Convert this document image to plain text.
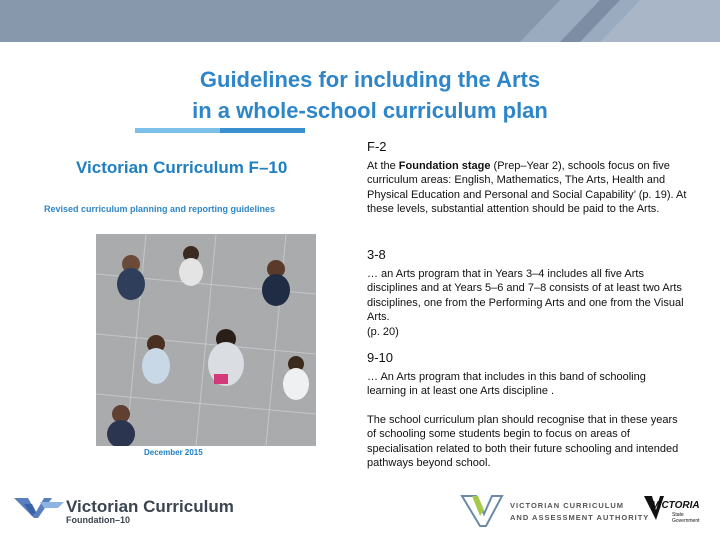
Guidelines for including the Arts
in a whole-school curriculum plan
Victorian Curriculum F–10
Revised curriculum planning and reporting guidelines
December 2015
F-2
At the Foundation stage (Prep–Year 2), schools focus on five curriculum areas: English, Mathematics, The Arts, Health and Physical Education and Personal and Social Capability’ (p. 19). At these levels, substantial attention should be paid to the Arts.
3-8
… an Arts program that in Years 3–4 includes all five Arts disciplines and at Years 5–6 and 7–8 consists of at least two Arts disciplines, one from the Performing Arts and one from the Visual Arts.
(p. 20)
9-10
… An Arts program that includes in this band of schooling learning in at least one Arts discipline .
The school curriculum plan should recognise that in these years of schooling some students begin to focus on areas of specialisation related to both their future schooling and intended pathways beyond school.
Victorian Curriculum
Foundation–10
VICTORIAN CURRICULUM
AND ASSESSMENT AUTHORITY
VICTORIA
State
Government
